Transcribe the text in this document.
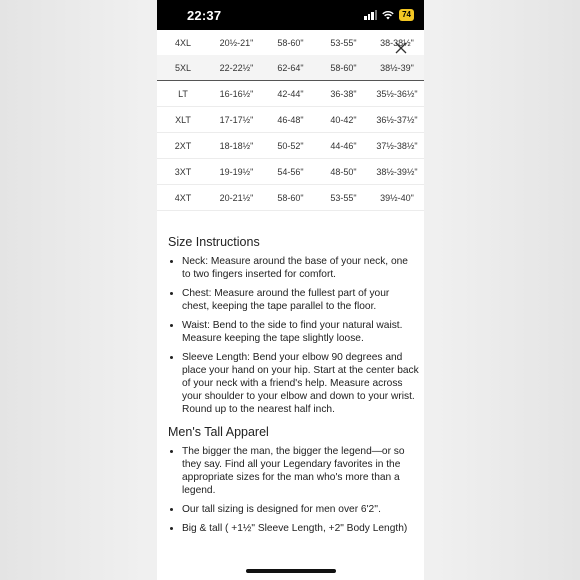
22:37	74
4XL	20½-21"	58-60"	53-55"	38-38½"
5XL	22-22½"	62-64"	58-60"	38½-39"
LT	16-16½"	42-44"	36-38"	35½-36½"
XLT	17-17½"	46-48"	40-42"	36½-37½"
2XT	18-18½"	50-52"	44-46"	37½-38½"
3XT	19-19½"	54-56"	48-50"	38½-39½"
4XT	20-21½"	58-60"	53-55"	39½-40"
Size Instructions
• Neck: Measure around the base of your neck, one to two fingers inserted for comfort.
• Chest: Measure around the fullest part of your chest, keeping the tape parallel to the floor.
• Waist: Bend to the side to find your natural waist. Measure keeping the tape slightly loose.
• Sleeve Length: Bend your elbow 90 degrees and place your hand on your hip. Start at the center back of your neck with a friend's help. Measure across your shoulder to your elbow and down to your wrist. Round up to the nearest half inch.
Men's Tall Apparel
• The bigger the man, the bigger the legend—or so they say. Find all your Legendary favorites in the appropriate sizes for the man who's more than a legend.
• Our tall sizing is designed for men over 6'2''.
• Big & tall ( +1½" Sleeve Length, +2" Body Length)
